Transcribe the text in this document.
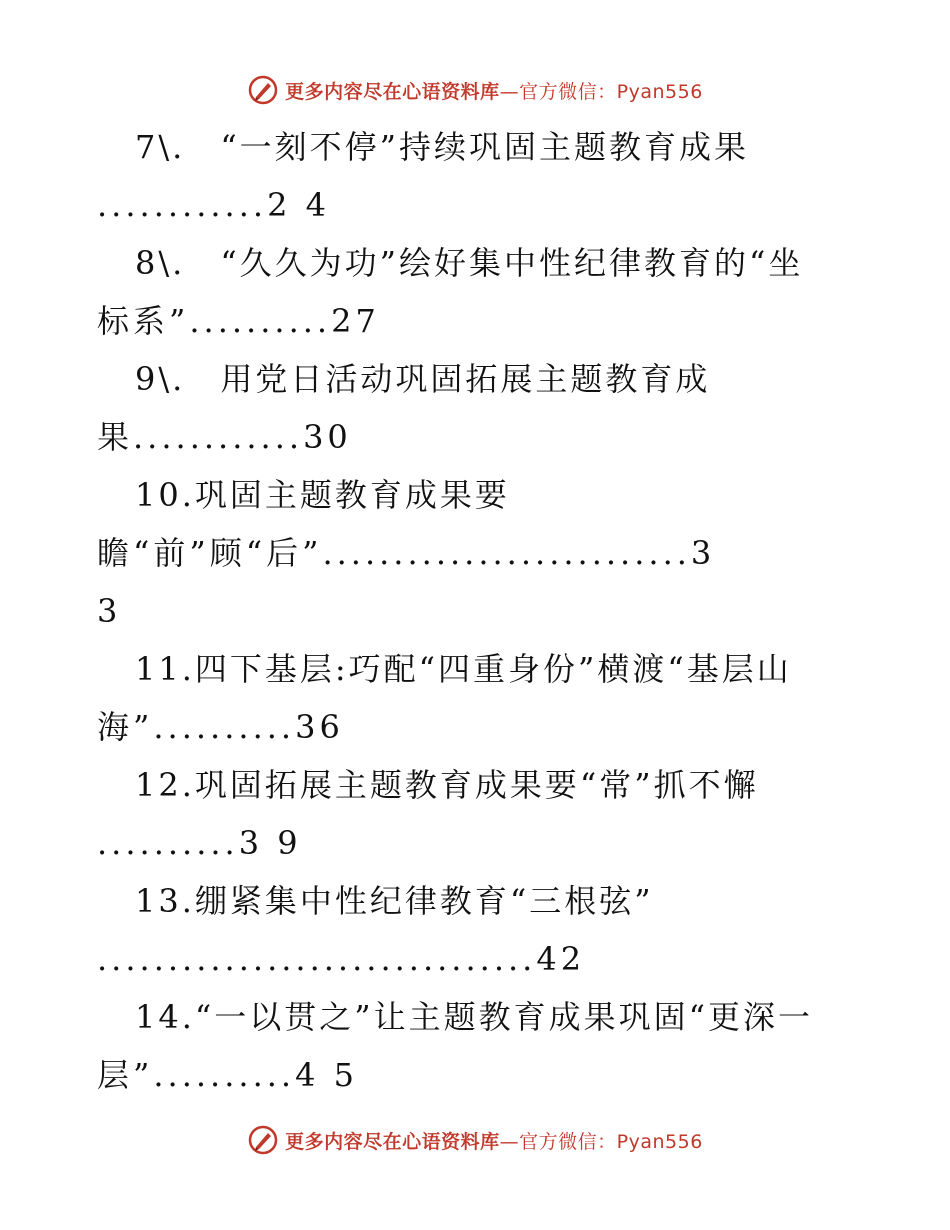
更多内容尽在心语资料库—官方微信：Pyan556
7\.　“一刻不停”持续巩固主题教育成果
............2 4
8\.　“久久为功”绘好集中性纪律教育的“坐
标系”..........27
9\.　用党日活动巩固拓展主题教育成
果............30
10.巩固主题教育成果要
瞻“前”顾“后”..........................3
3
11.四下基层:巧配“四重身份”横渡“基层山
海”..........36
12.巩固拓展主题教育成果要“常”抓不懈
..........3 9
13.绷紧集中性纪律教育“三根弦”
...............................42
14.“一以贯之”让主题教育成果巩固“更深一
层”..........4 5
更多内容尽在心语资料库—官方微信：Pyan556
